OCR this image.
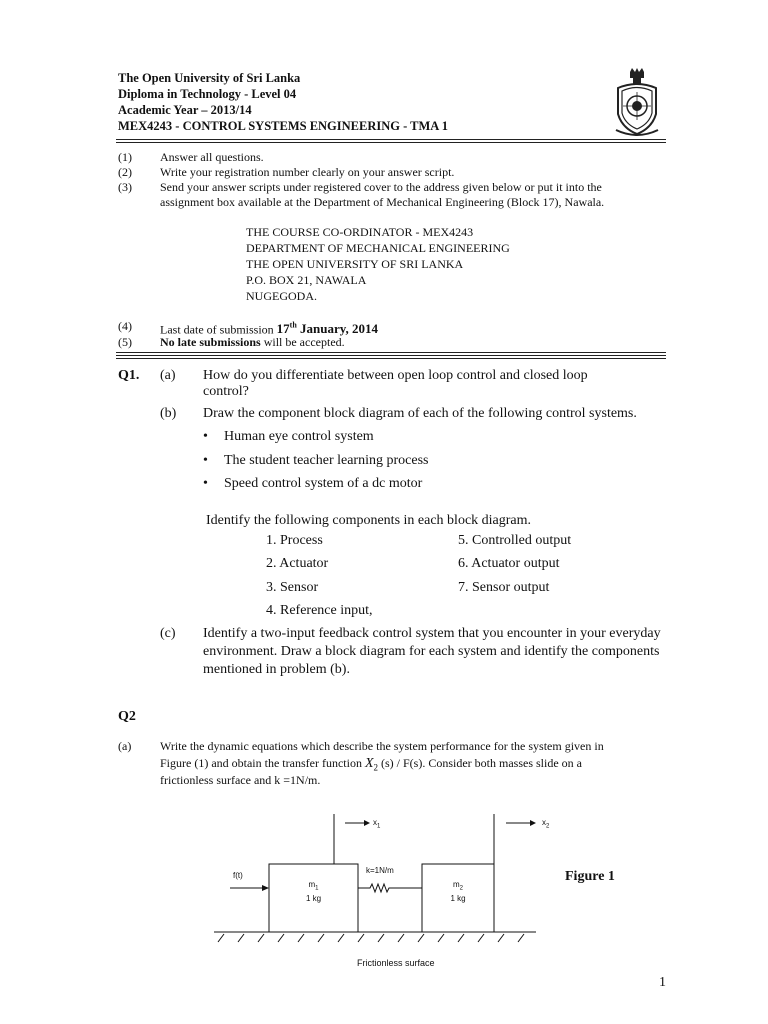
The Open University of Sri Lanka
Diploma in Technology - Level 04
Academic Year – 2013/14
MEX4243 - CONTROL SYSTEMS ENGINEERING - TMA 1
(1) Answer all questions.
(2) Write your registration number clearly on your answer script.
(3) Send your answer scripts under registered cover to the address given below or put it into the
assignment box available at the Department of Mechanical Engineering (Block 17), Nawala.
THE COURSE CO-ORDINATOR - MEX4243
DEPARTMENT OF MECHANICAL ENGINEERING
THE OPEN UNIVERSITY OF SRI LANKA
P.O. BOX 21, NAWALA
NUGEGODA.
(4) Last date of submission 17th January, 2014
(5) No late submissions will be accepted.
Q1. (a) How do you differentiate between open loop control and closed loop
control?
(b) Draw the component block diagram of each of the following control systems.
• Human eye control system
• The student teacher learning process
• Speed control system of a dc motor
Identify the following components in each block diagram.
1. Process
2. Actuator
3. Sensor
4. Reference input,
5. Controlled output
6. Actuator output
7. Sensor output
(c) Identify a two-input feedback control system that you encounter in your everyday
environment. Draw a block diagram for each system and identify the components
mentioned in problem (b).
Q2
(a) Write the dynamic equations which describe the system performance for the system given in
Figure (1) and obtain the transfer function $X_2$ (s) / F(s). Consider both masses slide on a
frictionless surface and k =1N/m.
$x_1$	$x_2$
f(t)
k=1N/m
$m_1$
1 kg
$m_2$
1 kg
Figure 1
Frictionless surface
1
